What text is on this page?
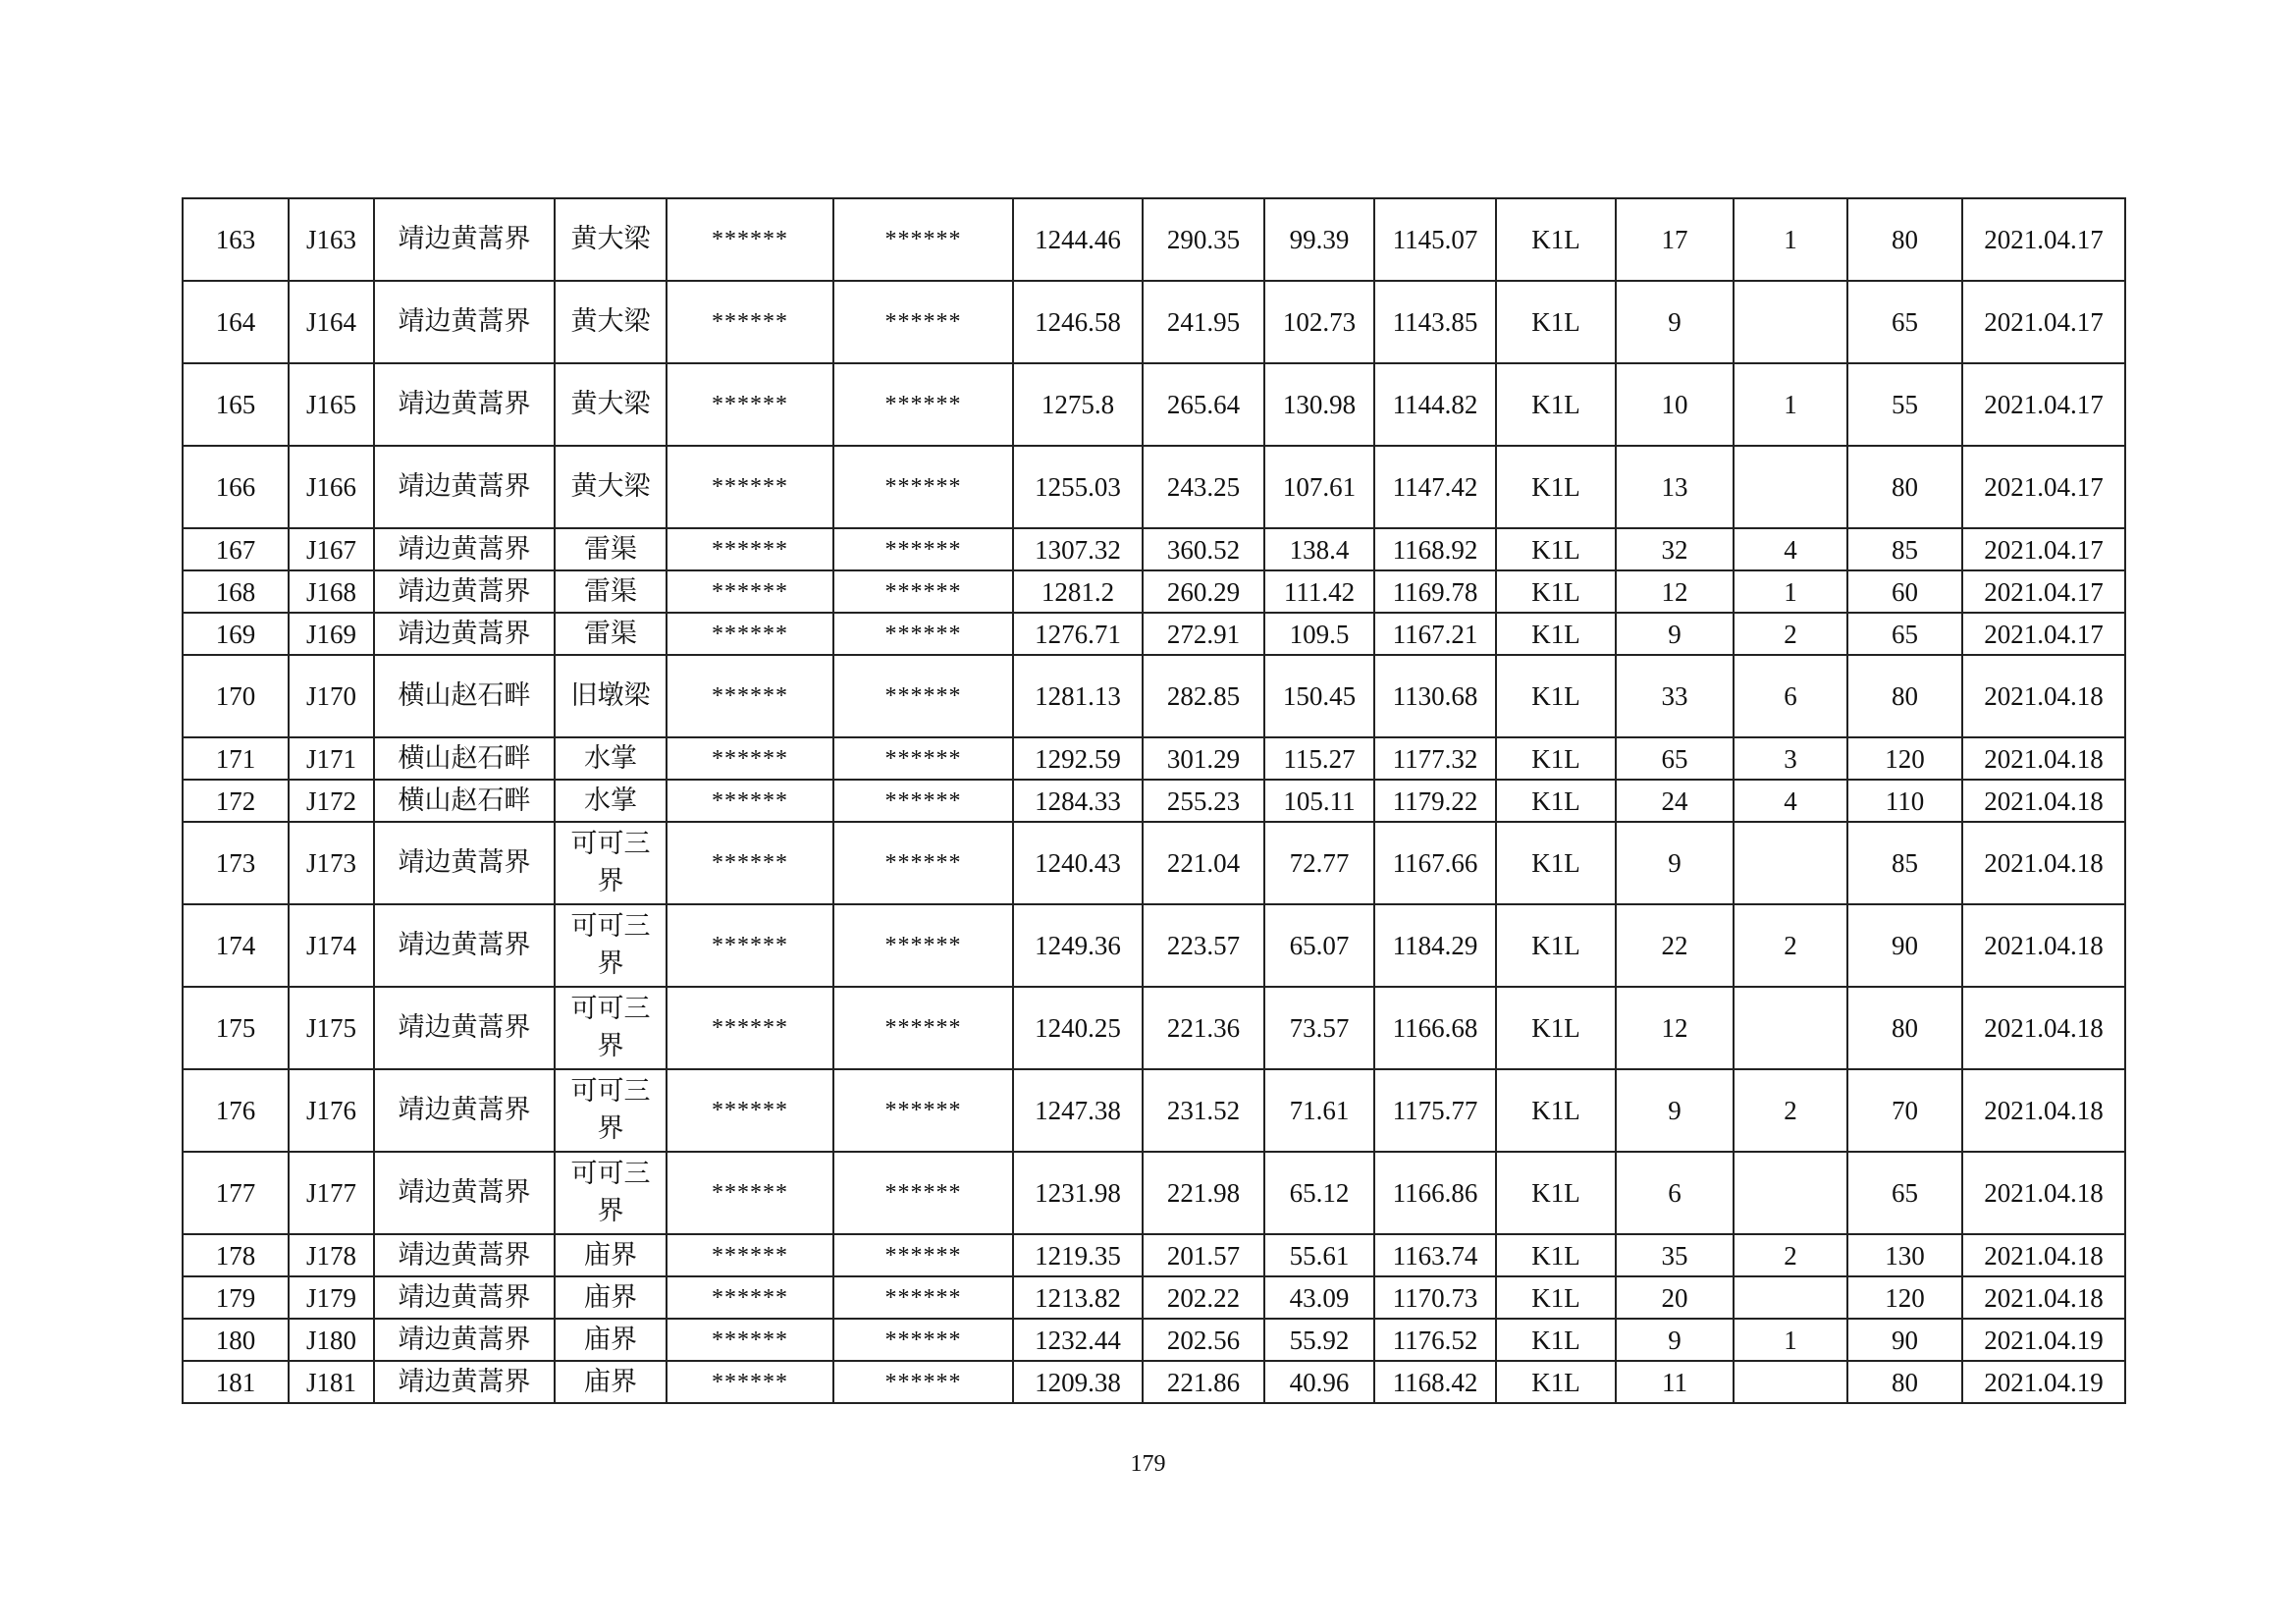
163	J163	靖边黄蒿界	黄大梁	******	******	1244.46	290.35	99.39	1145.07	K1L	17	1	80	2021.04.17
164	J164	靖边黄蒿界	黄大梁	******	******	1246.58	241.95	102.73	1143.85	K1L	9		65	2021.04.17
165	J165	靖边黄蒿界	黄大梁	******	******	1275.8	265.64	130.98	1144.82	K1L	10	1	55	2021.04.17
166	J166	靖边黄蒿界	黄大梁	******	******	1255.03	243.25	107.61	1147.42	K1L	13		80	2021.04.17
167	J167	靖边黄蒿界	雷渠	******	******	1307.32	360.52	138.4	1168.92	K1L	32	4	85	2021.04.17
168	J168	靖边黄蒿界	雷渠	******	******	1281.2	260.29	111.42	1169.78	K1L	12	1	60	2021.04.17
169	J169	靖边黄蒿界	雷渠	******	******	1276.71	272.91	109.5	1167.21	K1L	9	2	65	2021.04.17
170	J170	横山赵石畔	旧墩梁	******	******	1281.13	282.85	150.45	1130.68	K1L	33	6	80	2021.04.18
171	J171	横山赵石畔	水掌	******	******	1292.59	301.29	115.27	1177.32	K1L	65	3	120	2021.04.18
172	J172	横山赵石畔	水掌	******	******	1284.33	255.23	105.11	1179.22	K1L	24	4	110	2021.04.18
173	J173	靖边黄蒿界	可可三界	******	******	1240.43	221.04	72.77	1167.66	K1L	9		85	2021.04.18
174	J174	靖边黄蒿界	可可三界	******	******	1249.36	223.57	65.07	1184.29	K1L	22	2	90	2021.04.18
175	J175	靖边黄蒿界	可可三界	******	******	1240.25	221.36	73.57	1166.68	K1L	12		80	2021.04.18
176	J176	靖边黄蒿界	可可三界	******	******	1247.38	231.52	71.61	1175.77	K1L	9	2	70	2021.04.18
177	J177	靖边黄蒿界	可可三界	******	******	1231.98	221.98	65.12	1166.86	K1L	6		65	2021.04.18
178	J178	靖边黄蒿界	庙界	******	******	1219.35	201.57	55.61	1163.74	K1L	35	2	130	2021.04.18
179	J179	靖边黄蒿界	庙界	******	******	1213.82	202.22	43.09	1170.73	K1L	20		120	2021.04.18
180	J180	靖边黄蒿界	庙界	******	******	1232.44	202.56	55.92	1176.52	K1L	9	1	90	2021.04.19
181	J181	靖边黄蒿界	庙界	******	******	1209.38	221.86	40.96	1168.42	K1L	11		80	2021.04.19
179
